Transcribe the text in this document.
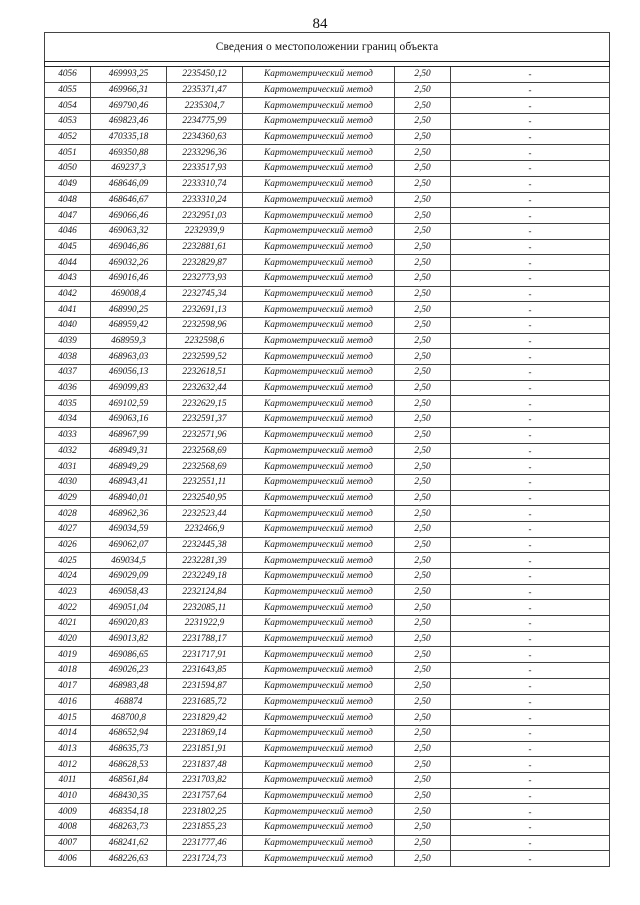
84
Сведения о местоположении границ объекта					

4056	469993,25	2235450,12	Картометрический метод	2,50	-
4055	469966,31	2235371,47	Картометрический метод	2,50	-
4054	469790,46	2235304,7	Картометрический метод	2,50	-
4053	469823,46	2234775,99	Картометрический метод	2,50	-
4052	470335,18	2234360,63	Картометрический метод	2,50	-
4051	469350,88	2233296,36	Картометрический метод	2,50	-
4050	469237,3	2233517,93	Картометрический метод	2,50	-
4049	468646,09	2233310,74	Картометрический метод	2,50	-
4048	468646,67	2233310,24	Картометрический метод	2,50	-
4047	469066,46	2232951,03	Картометрический метод	2,50	-
4046	469063,32	2232939,9	Картометрический метод	2,50	-
4045	469046,86	2232881,61	Картометрический метод	2,50	-
4044	469032,26	2232829,87	Картометрический метод	2,50	-
4043	469016,46	2232773,93	Картометрический метод	2,50	-
4042	469008,4	2232745,34	Картометрический метод	2,50	-
4041	468990,25	2232691,13	Картометрический метод	2,50	-
4040	468959,42	2232598,96	Картометрический метод	2,50	-
4039	468959,3	2232598,6	Картометрический метод	2,50	-
4038	468963,03	2232599,52	Картометрический метод	2,50	-
4037	469056,13	2232618,51	Картометрический метод	2,50	-
4036	469099,83	2232632,44	Картометрический метод	2,50	-
4035	469102,59	2232629,15	Картометрический метод	2,50	-
4034	469063,16	2232591,37	Картометрический метод	2,50	-
4033	468967,99	2232571,96	Картометрический метод	2,50	-
4032	468949,31	2232568,69	Картометрический метод	2,50	-
4031	468949,29	2232568,69	Картометрический метод	2,50	-
4030	468943,41	2232551,11	Картометрический метод	2,50	-
4029	468940,01	2232540,95	Картометрический метод	2,50	-
4028	468962,36	2232523,44	Картометрический метод	2,50	-
4027	469034,59	2232466,9	Картометрический метод	2,50	-
4026	469062,07	2232445,38	Картометрический метод	2,50	-
4025	469034,5	2232281,39	Картометрический метод	2,50	-
4024	469029,09	2232249,18	Картометрический метод	2,50	-
4023	469058,43	2232124,84	Картометрический метод	2,50	-
4022	469051,04	2232085,11	Картометрический метод	2,50	-
4021	469020,83	2231922,9	Картометрический метод	2,50	-
4020	469013,82	2231788,17	Картометрический метод	2,50	-
4019	469086,65	2231717,91	Картометрический метод	2,50	-
4018	469026,23	2231643,85	Картометрический метод	2,50	-
4017	468983,48	2231594,87	Картометрический метод	2,50	-
4016	468874	2231685,72	Картометрический метод	2,50	-
4015	468700,8	2231829,42	Картометрический метод	2,50	-
4014	468652,94	2231869,14	Картометрический метод	2,50	-
4013	468635,73	2231851,91	Картометрический метод	2,50	-
4012	468628,53	2231837,48	Картометрический метод	2,50	-
4011	468561,84	2231703,82	Картометрический метод	2,50	-
4010	468430,35	2231757,64	Картометрический метод	2,50	-
4009	468354,18	2231802,25	Картометрический метод	2,50	-
4008	468263,73	2231855,23	Картометрический метод	2,50	-
4007	468241,62	2231777,46	Картометрический метод	2,50	-
4006	468226,63	2231724,73	Картометрический метод	2,50	-
